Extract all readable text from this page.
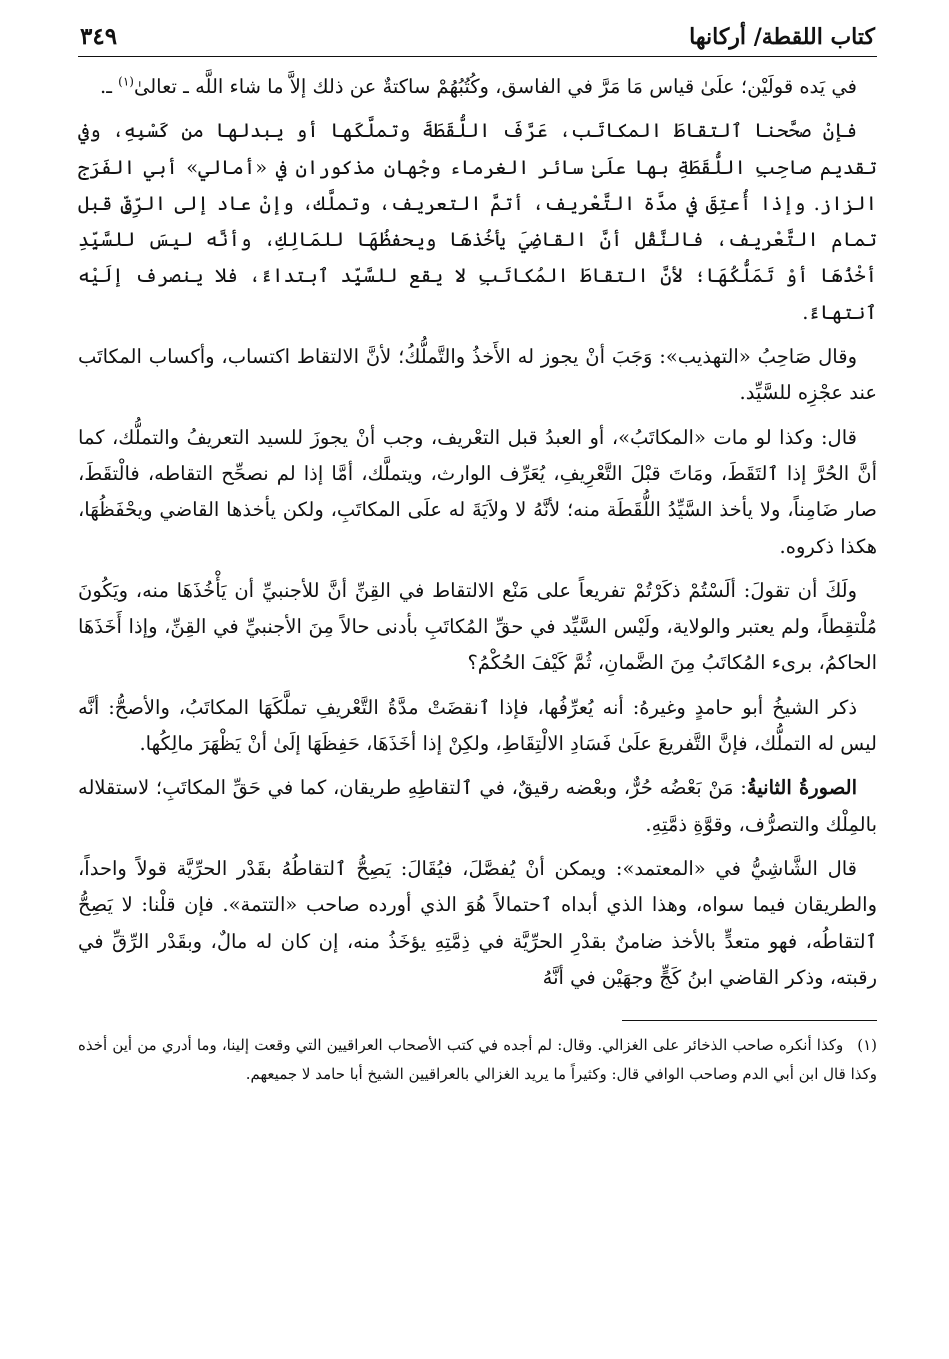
كتاب اللقطة/ أركانها
٣٤٩

في يَده قولَيْن؛ علَىٰ قياس مَا مَرَّ في الفاسق، وكُتُبُهُمْ ساكتةٌ عن ذلك إلاَّ ما شاء اللَّه ـ تعالىٰ$^{(١)}$ ـ.

فإنْ صحَّحنا ٱلتقاطَ المكاتَب، عَرَّفَ اللُّقَطَةَ وتملَّكَها أو يبدلها من كَسْبِهِ، وفي تقديم صاحِبِ اللُّقَطَةِ بها علَىٰ سائر الغرماء وجْهان مذكوران في «أمالي» أبي الفَرَج الزاز. وإذا أُعتِقَ في مدَّة التَّعْريف، أتمَّ التعريف، وتملَّك، وإنْ عاد إلى الرِّقِّ قبل تمام التَّعْريف، فالنَّقْل أنَّ القاضِيَ يأخُذهَا ويحفظُهَا للمَالِكِ، وأنَّه ليسَ للسَّيِّدِ أخْذُهَا أوْ تَمَلُّكُهَا؛ لأنَّ التقاطَ المُكاتَبِ لا يقع للسَّيِّد ٱبتداءً، فلا ينصرف إلَيْه ٱنتهاءً.

وقال صَاحِبُ «التهذيب»: وَجَبَ أنْ يجوز له الأَخذُ والتَّملُّكُ؛ لأنَّ الالتقاط اكتساب، وأكساب المكاتَب عند عجْزِه للسَّيِّد.

قال: وكذا لو مات «المكاتَبُ»، أو العبدُ قبل التعْريف، وجب أنْ يجوزَ للسيد التعريفُ والتملُّك، كما أنَّ الحُرَّ إذا ٱلتَقَطَ، ومَاتَ قبْلَ التَّعْرِيفِ، يُعَرِّف الوارث، ويتملَّك، أمَّا إذا لم نصحِّح التقاطه، فالْتقَطَ، صار ضَامِناً، ولا يأخذ السَّيِّدُ اللُّقَطَة منه؛ لأنَّهُ لا ولاَيَةَ له علَى المكاتَبِ، ولكن يأخذها القاضي ويحْفَظُهَا، هكذا ذكروه.

ولَكَ أن تقولَ: ألَسْتُمْ ذكَرْتُمْ تفريعاً على مَنْع الالتقاط في القِنِّ أنَّ للأجنبيِّ أن يَأْخُذَهَا منه، ويَكُونَ مُلْتقِطاً، ولم يعتبر والولاية، ولَيْس السَّيِّد في حقِّ المُكاتَبِ بأدنى حالاً مِنَ الأجنبيِّ في القِنِّ، وإذا أَخَذَهَا الحاكمُ، برىء المُكاتَبُ مِنَ الضَّمانِ، ثُمَّ كَيْفَ الحُكْمُ؟

ذكر الشيخُ أبو حامدٍ وغيرهُ: أنه يُعرِّفُها، فإذا ٱنقضَتْ مدَّةُ التَّعْريفِ تملَّكَهَا المكاتَبُ، والأصحُّ: أنَّه ليس له التملُّك، فإنَّ التَّفريعَ علَىٰ فَسَادِ الالْتِقَاطِ، ولكِنْ إذا أخَذَهَا، حَفِظَهَا إلَىٰ أنْ يَظْهَرَ مالِكُها.

الصورةُ الثانيةُ: مَنْ بَعْضُه حُرٌّ، وبعْضه رقيقٌ، في ٱلتقاطِهِ طريقان، كما في حَقِّ المكاتَبِ؛ لاستقلاله بالمِلْك والتصرُّف، وقوَّةِ ذمَّتِهِ.

قال الشَّاشِيُّ في «المعتمد»: ويمكن أنْ يُفصَّلَ، فيُقَالَ: يَصِحُّ ٱلتقاطُهُ بقَدْر الحرِّيَّة قولاً واحداً، والطريقان فيما سواه، وهذا الذي أبداه ٱحتمالاً هُوَ الذي أورده صاحب «التتمة». فإن قلْنا: لا يَصِحُّ ٱلتقاطُه، فهو متعدٍّ بالأخذ ضامنٌ بقدْرِ الحرِّيَّة في ذِمَّتِهِ يؤخَذُ منه، إن كان له مالٌ، وبقَدْر الرِّقِّ في رقبته، وذكر القاضي ابنُ كَجٍّ وجهَيْن في أنَّهُ

(١)وكذا أنكره صاحب الذخائر على الغزالي. وقال: لم أجده في كتب الأصحاب العراقيين التي وقعت إلينا، وما أدري من أين أخذه وكذا قال ابن أبي الدم وصاحب الوافي قال: وكثيراً ما يريد الغزالي بالعراقيين الشيخ أبا حامد لا جميعهم.
